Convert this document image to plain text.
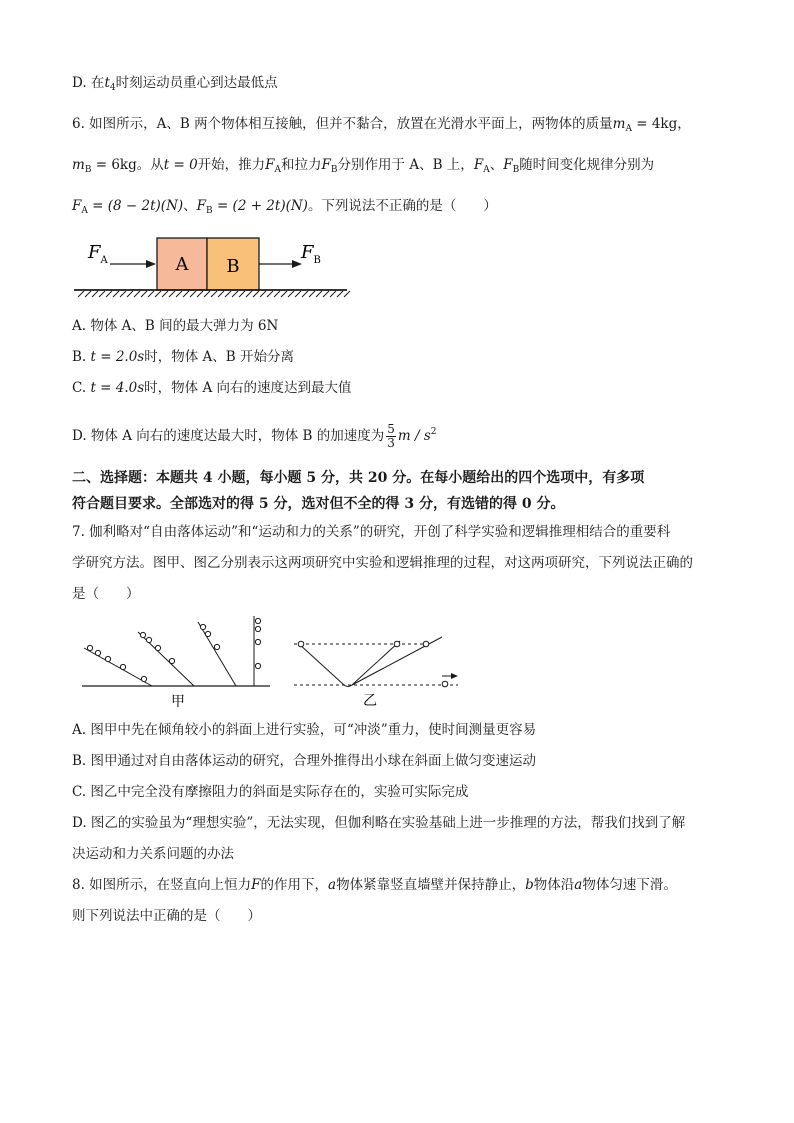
D. 在$t_4$时刻运动员重心到达最低点
6. 如图所示，A、B 两个物体相互接触，但并不黏合，放置在光滑水平面上，两物体的质量$m_A = 4kg$，
$m_B = 6kg$。从t = 0开始，推力$F_A$和拉力$F_B$分别作用于 A、B 上，$F_A$、$F_B$随时间变化规律分别为
$F_A = (8 - 2t)(N)$、$F_B = (2 + 2t)(N)$。下列说法不正确的是（　　）
$F_A$	A B
$F_B$
A. 物体 A、B 间的最大弹力为 6N
B. t = 2.0s时，物体 A、B 开始分离
C. t = 4.0s时，物体 A 向右的速度达到最大值
D. 物体 A 向右的速度达最大时，物体 B 的加速度为 $\frac{5}{3}$ m / $s^2$
二、选择题：本题共 4 小题，每小题 5 分，共 20 分。在每小题给出的四个选项中，有多项
符合题目要求。全部选对的得 5 分，选对但不全的得 3 分，有选错的得 0 分。
7. 伽利略对“自由落体运动”和“运动和力的关系”的研究，开创了科学实验和逻辑推理相结合的重要科
学研究方法。图甲、图乙分别表示这两项研究中实验和逻辑推理的过程，对这两项研究，下列说法正确的
是（　　）
甲	乙
A. 图甲中先在倾角较小的斜面上进行实验，可“冲淡”重力，使时间测量更容易
B. 图甲通过对自由落体运动的研究，合理外推得出小球在斜面上做匀变速运动
C. 图乙中完全没有摩擦阻力的斜面是实际存在的，实验可实际完成
D. 图乙的实验虽为“理想实验”，无法实现，但伽利略在实验基础上进一步推理的方法，帮我们找到了解
决运动和力关系问题的办法
8. 如图所示，在竖直向上恒力F的作用下，a物体紧靠竖直墙壁并保持静止，b物体沿a物体匀速下滑。
则下列说法中正确的是（　　）
